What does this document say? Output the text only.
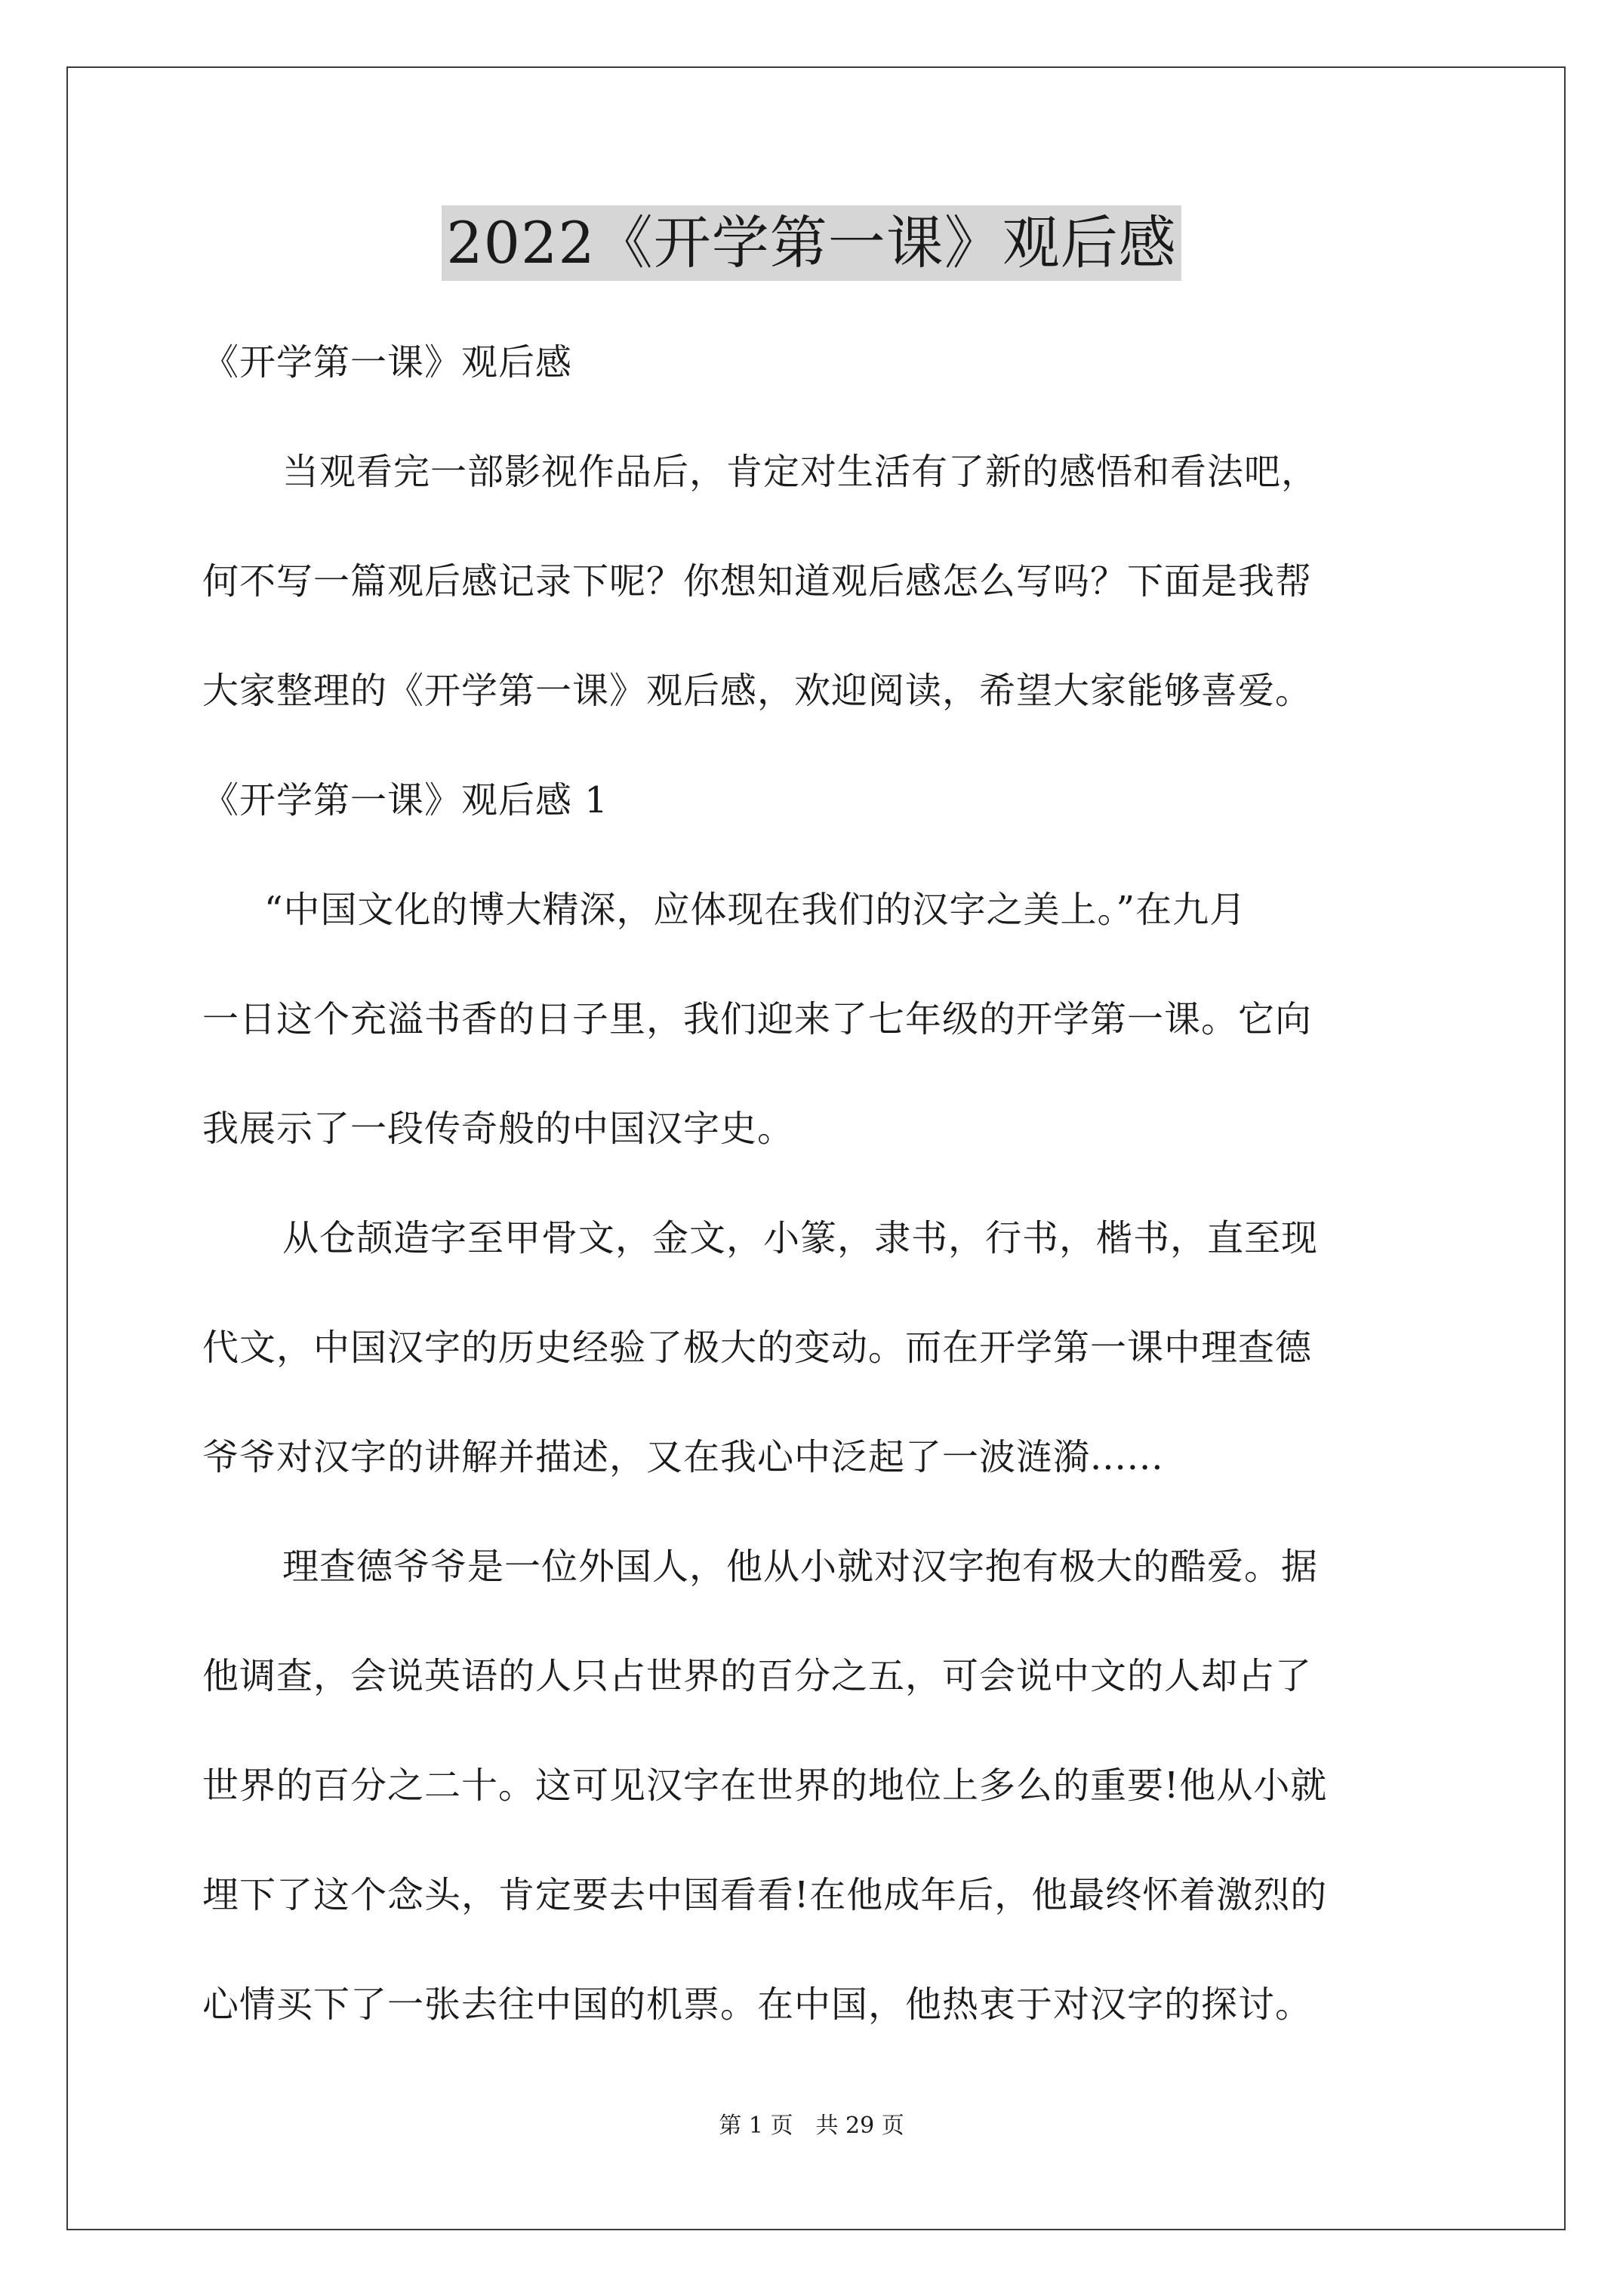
2022《开学第一课》观后感
《开学第一课》观后感
当观看完一部影视作品后，肯定对生活有了新的感悟和看法吧，
何不写一篇观后感记录下呢？你想知道观后感怎么写吗？下面是我帮
大家整理的《开学第一课》观后感，欢迎阅读，希望大家能够喜爱。
《开学第一课》观后感 1
“中国文化的博大精深，应体现在我们的汉字之美上。”在九月
一日这个充溢书香的日子里，我们迎来了七年级的开学第一课。它向
我展示了一段传奇般的中国汉字史。
从仓颉造字至甲骨文，金文，小篆，隶书，行书，楷书，直至现
代文，中国汉字的历史经验了极大的变动。而在开学第一课中理查德
爷爷对汉字的讲解并描述，又在我心中泛起了一波涟漪......
理查德爷爷是一位外国人，他从小就对汉字抱有极大的酷爱。据
他调查，会说英语的人只占世界的百分之五，可会说中文的人却占了
世界的百分之二十。这可见汉字在世界的地位上多么的重要!他从小就
埋下了这个念头，肯定要去中国看看!在他成年后，他最终怀着激烈的
心情买下了一张去往中国的机票。在中国，他热衷于对汉字的探讨。
第 1 页　共 29 页
